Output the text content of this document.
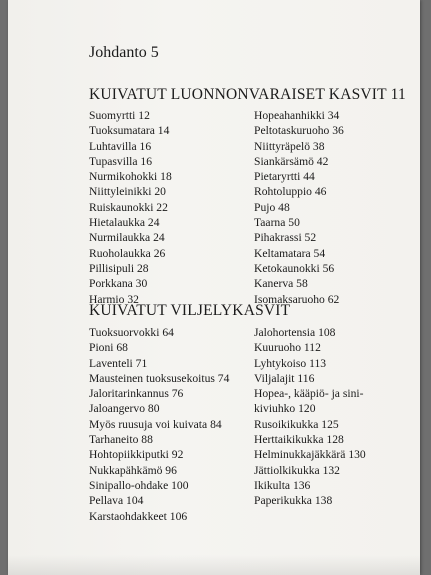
Johdanto 5
KUIVATUT LUONNONVARAISET KASVIT 11
Suomyrtti 12
Tuoksumatara 14
Luhtavilla 16
Tupasvilla 16
Nurmikohokki 18
Niittyleinikki 20
Ruiskaunokki 22
Hietalaukka 24
Nurmilaukka 24
Ruoholaukka 26
Pillisipuli 28
Porkkana 30
Harmio 32
Hopeahanhikki 34
Peltotaskuruoho 36
Niittyräpelö 38
Siankärsämö 42
Pietaryrtti 44
Rohtoluppio 46
Pujo 48
Taarna 50
Pihakrassi 52
Keltamatara 54
Ketokaunokki 56
Kanerva 58
Isomaksaruoho 62
KUIVATUT VILJELYKASVIT
Tuoksuorvokki 64
Pioni 68
Laventeli 71
Mausteinen tuoksusekoitus 74
Jaloritarinkannus 76
Jaloangervo 80
Myös ruusuja voi kuivata 84
Tarhaneito 88
Hohtopiikkiputki 92
Nukkapähkämö 96
Sinipallo-ohdake 100
Pellava 104
Karstaohdakkeet 106
Jalohortensia 108
Kuuruoho 112
Lyhtykoiso 113
Viljalajit 116
Hopea-, kääpiö- ja sini-
kiviuhko 120
Rusoikikukka 125
Herttaikikukka 128
Helminukkajäkkärä 130
Jättiolkikukka 132
Ikikulta 136
Paperikukka 138
